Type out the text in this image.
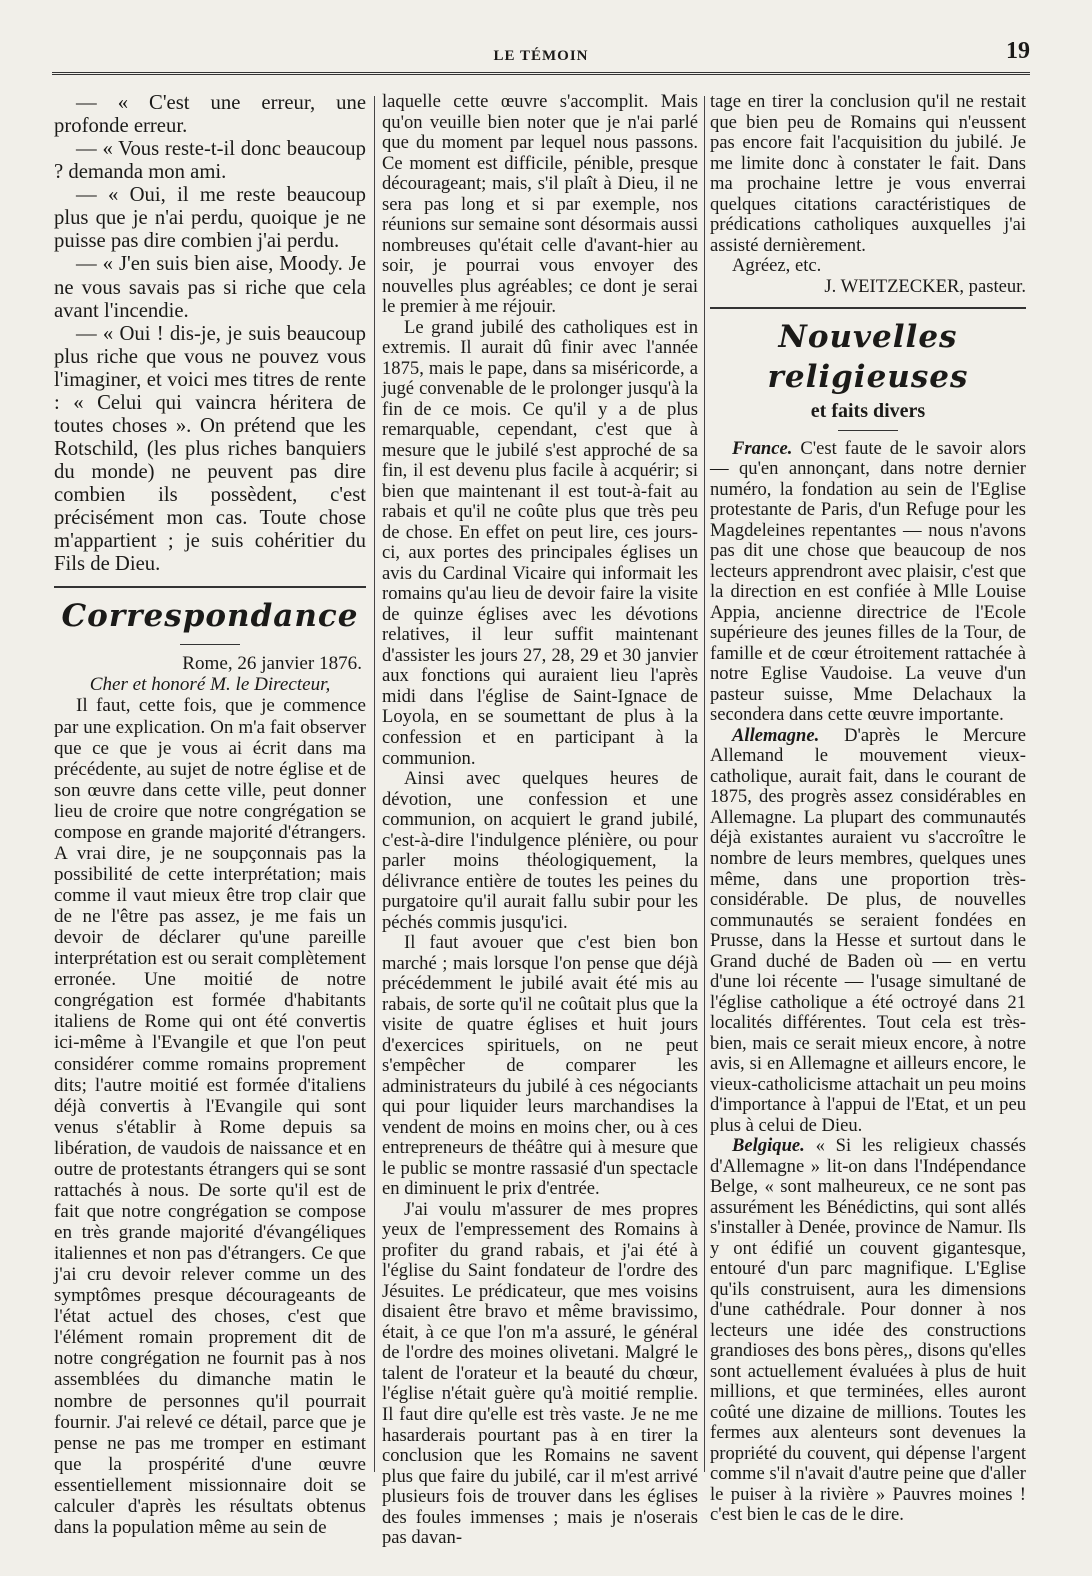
LE TÉMOIN	19

— « C'est une erreur, une profonde erreur.

— « Vous reste-t-il donc beaucoup ? demanda mon ami.

— « Oui, il me reste beaucoup plus que je n'ai perdu, quoique je ne puisse pas dire combien j'ai perdu.

— « J'en suis bien aise, Moody. Je ne vous savais pas si riche que cela avant l'incendie.

— « Oui ! dis-je, je suis beaucoup plus riche que vous ne pouvez vous l'imaginer, et voici mes titres de rente : « Celui qui vaincra héritera de toutes choses ». On prétend que les Rotschild, (les plus riches banquiers du monde) ne peuvent pas dire combien ils possèdent, c'est précisément mon cas. Toute chose m'appartient ; je suis cohéritier du Fils de Dieu.

Correspondance

Rome, 26 janvier 1876.

Cher et honoré M. le Directeur,

Il faut, cette fois, que je commence par une explication. On m'a fait observer que ce que je vous ai écrit dans ma précédente, au sujet de notre église et de son œuvre dans cette ville, peut donner lieu de croire que notre congrégation se compose en grande majorité d'étrangers. A vrai dire, je ne soupçonnais pas la possibilité de cette interprétation; mais comme il vaut mieux être trop clair que de ne l'être pas assez, je me fais un devoir de déclarer qu'une pareille interprétation est ou serait complètement erronée. Une moitié de notre congrégation est formée d'habitants italiens de Rome qui ont été convertis ici-même à l'Evangile et que l'on peut considérer comme romains proprement dits; l'autre moitié est formée d'italiens déjà convertis à l'Evangile qui sont venus s'établir à Rome depuis sa libération, de vaudois de naissance et en outre de protestants étrangers qui se sont rattachés à nous. De sorte qu'il est de fait que notre congrégation se compose en très grande majorité d'évangéliques italiennes et non pas d'étrangers. Ce que j'ai cru devoir relever comme un des symptômes presque décourageants de l'état actuel des choses, c'est que l'élément romain proprement dit de notre congrégation ne fournit pas à nos assemblées du dimanche matin le nombre de personnes qu'il pourrait fournir. J'ai relevé ce détail, parce que je pense ne pas me tromper en estimant que la prospérité d'une œuvre essentiellement missionnaire doit se calculer d'après les résultats obtenus dans la population même au sein de

laquelle cette œuvre s'accomplit. Mais qu'on veuille bien noter que je n'ai parlé que du moment par lequel nous passons. Ce moment est difficile, pénible, presque décourageant; mais, s'il plaît à Dieu, il ne sera pas long et si par exemple, nos réunions sur semaine sont désormais aussi nombreuses qu'était celle d'avant-hier au soir, je pourrai vous envoyer des nouvelles plus agréables; ce dont je serai le premier à me réjouir.

Le grand jubilé des catholiques est in extremis. Il aurait dû finir avec l'année 1875, mais le pape, dans sa miséricorde, a jugé convenable de le prolonger jusqu'à la fin de ce mois. Ce qu'il y a de plus remarquable, cependant, c'est que à mesure que le jubilé s'est approché de sa fin, il est devenu plus facile à acquérir; si bien que maintenant il est tout-à-fait au rabais et qu'il ne coûte plus que très peu de chose. En effet on peut lire, ces jours-ci, aux portes des principales églises un avis du Cardinal Vicaire qui informait les romains qu'au lieu de devoir faire la visite de quinze églises avec les dévotions relatives, il leur suffit maintenant d'assister les jours 27, 28, 29 et 30 janvier aux fonctions qui auraient lieu l'après midi dans l'église de Saint-Ignace de Loyola, en se soumettant de plus à la confession et en participant à la communion.

Ainsi avec quelques heures de dévotion, une confession et une communion, on acquiert le grand jubilé, c'est-à-dire l'indulgence plénière, ou pour parler moins théologiquement, la délivrance entière de toutes les peines du purgatoire qu'il aurait fallu subir pour les péchés commis jusqu'ici.

Il faut avouer que c'est bien bon marché ; mais lorsque l'on pense que déjà précédemment le jubilé avait été mis au rabais, de sorte qu'il ne coûtait plus que la visite de quatre églises et huit jours d'exercices spirituels, on ne peut s'empêcher de comparer les administrateurs du jubilé à ces négociants qui pour liquider leurs marchandises la vendent de moins en moins cher, ou à ces entrepreneurs de théâtre qui à mesure que le public se montre rassasié d'un spectacle en diminuent le prix d'entrée.

J'ai voulu m'assurer de mes propres yeux de l'empressement des Romains à profiter du grand rabais, et j'ai été à l'église du Saint fondateur de l'ordre des Jésuites. Le prédicateur, que mes voisins disaient être bravo et même bravissimo, était, à ce que l'on m'a assuré, le général de l'ordre des moines olivetani. Malgré le talent de l'orateur et la beauté du chœur, l'église n'était guère qu'à moitié remplie. Il faut dire qu'elle est très vaste. Je ne me hasarderais pourtant pas à en tirer la conclusion que les Romains ne savent plus que faire du jubilé, car il m'est arrivé plusieurs fois de trouver dans les églises des foules immenses ; mais je n'oserais pas davan-

tage en tirer la conclusion qu'il ne restait que bien peu de Romains qui n'eussent pas encore fait l'acquisition du jubilé. Je me limite donc à constater le fait. Dans ma prochaine lettre je vous enverrai quelques citations caractéristiques de prédications catholiques auxquelles j'ai assisté dernièrement.

Agréez, etc.

J. WEITZECKER, pasteur.

Nouvelles religieuses
et faits divers

France. C'est faute de le savoir alors — qu'en annonçant, dans notre dernier numéro, la fondation au sein de l'Eglise protestante de Paris, d'un Refuge pour les Magdeleines repentantes — nous n'avons pas dit une chose que beaucoup de nos lecteurs apprendront avec plaisir, c'est que la direction en est confiée à Mlle Louise Appia, ancienne directrice de l'Ecole supérieure des jeunes filles de la Tour, de famille et de cœur étroitement rattachée à notre Eglise Vaudoise. La veuve d'un pasteur suisse, Mme Delachaux la secondera dans cette œuvre importante.

Allemagne. D'après le Mercure Allemand le mouvement vieux-catholique, aurait fait, dans le courant de 1875, des progrès assez considérables en Allemagne. La plupart des communautés déjà existantes auraient vu s'accroître le nombre de leurs membres, quelques unes même, dans une proportion très-considérable. De plus, de nouvelles communautés se seraient fondées en Prusse, dans la Hesse et surtout dans le Grand duché de Baden où — en vertu d'une loi récente — l'usage simultané de l'église catholique a été octroyé dans 21 localités différentes. Tout cela est très-bien, mais ce serait mieux encore, à notre avis, si en Allemagne et ailleurs encore, le vieux-catholicisme attachait un peu moins d'importance à l'appui de l'Etat, et un peu plus à celui de Dieu.

Belgique. « Si les religieux chassés d'Allemagne » lit-on dans l'Indépendance Belge, « sont malheureux, ce ne sont pas assurément les Bénédictins, qui sont allés s'installer à Denée, province de Namur. Ils y ont édifié un couvent gigantesque, entouré d'un parc magnifique. L'Eglise qu'ils construisent, aura les dimensions d'une cathédrale. Pour donner à nos lecteurs une idée des constructions grandioses des bons pères,, disons qu'elles sont actuellement évaluées à plus de huit millions, et que terminées, elles auront coûté une dizaine de millions. Toutes les fermes aux alenteurs sont devenues la propriété du couvent, qui dépense l'argent comme s'il n'avait d'autre peine que d'aller le puiser à la rivière » Pauvres moines ! c'est bien le cas de le dire.
